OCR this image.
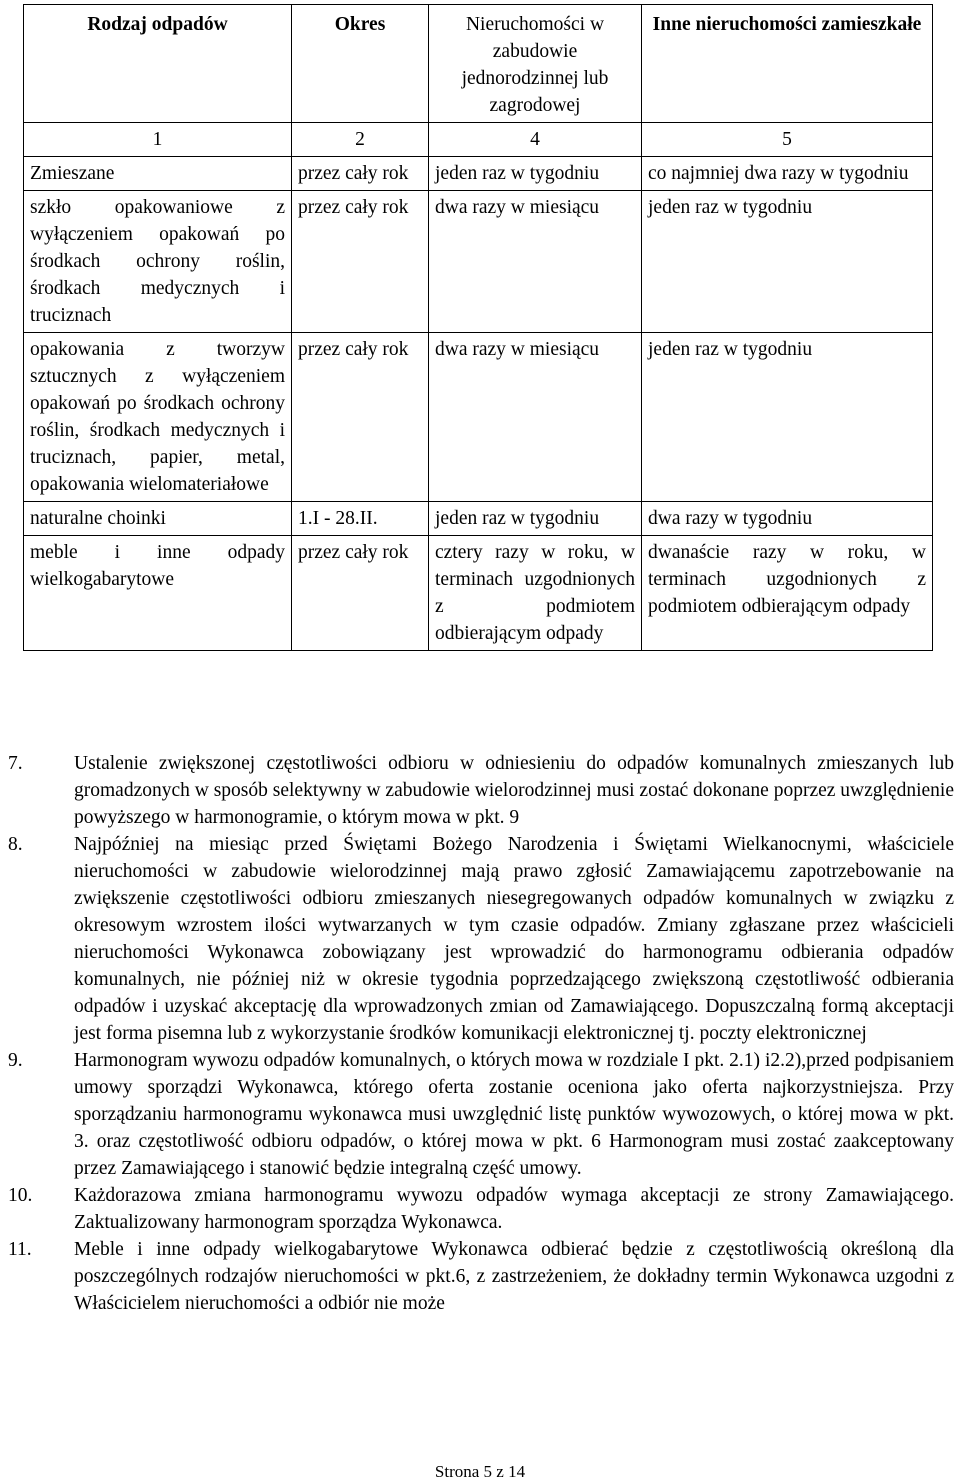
Rodzaj odpadów	Okres	Nieruchomości w zabudowie jednorodzinnej lub zagrodowej	Inne nieruchomości zamieszkałe
1	2	4	5
Zmieszane	przez cały rok	jeden raz w tygodniu	co najmniej dwa razy w tygodniu
szkło opakowaniowe z wyłączeniem opakowań po środkach ochrony roślin, środkach medycznych i truciznach	przez cały rok	dwa razy w miesiącu	jeden raz w tygodniu
opakowania z tworzyw sztucznych z wyłączeniem opakowań po środkach ochrony roślin, środkach medycznych i truciznach, papier, metal, opakowania wielomateriałowe	przez cały rok	dwa razy w miesiącu	jeden raz w tygodniu
naturalne choinki	1.I - 28.II.	jeden raz w tygodniu	dwa razy w tygodniu
meble i inne odpady wielkogabarytowe	przez cały rok	cztery razy w roku, w terminach uzgodnionych z podmiotem odbierającym odpady	dwanaście razy w roku, w terminach uzgodnionych z podmiotem odbierającym odpady
7.	Ustalenie zwiększonej częstotliwości odbioru w odniesieniu do odpadów komunalnych zmieszanych lub gromadzonych w sposób selektywny w zabudowie wielorodzinnej musi zostać dokonane poprzez uwzględnienie powyższego w harmonogramie, o którym mowa w pkt. 9
8.	Najpóźniej na miesiąc przed Świętami Bożego Narodzenia i Świętami Wielkanocnymi, właściciele nieruchomości w zabudowie wielorodzinnej mają prawo zgłosić Zamawiającemu zapotrzebowanie na zwiększenie częstotliwości odbioru zmieszanych niesegregowanych odpadów komunalnych w związku z okresowym wzrostem ilości wytwarzanych w tym czasie odpadów. Zmiany zgłaszane przez właścicieli nieruchomości Wykonawca zobowiązany jest wprowadzić do harmonogramu odbierania odpadów komunalnych, nie później niż w okresie tygodnia poprzedzającego zwiększoną częstotliwość odbierania odpadów i uzyskać akceptację dla wprowadzonych zmian od Zamawiającego. Dopuszczalną formą akceptacji jest forma pisemna lub z wykorzystanie środków komunikacji elektronicznej tj. poczty elektronicznej
9.	Harmonogram wywozu odpadów komunalnych, o których mowa w rozdziale I pkt. 2.1) i2.2),przed podpisaniem umowy sporządzi Wykonawca, którego oferta zostanie oceniona jako oferta najkorzystniejsza. Przy sporządzaniu harmonogramu wykonawca musi uwzględnić listę punktów wywozowych, o której mowa w pkt. 3. oraz częstotliwość odbioru odpadów, o której mowa w pkt. 6 Harmonogram musi zostać zaakceptowany przez Zamawiającego i stanowić będzie integralną część umowy.
10. Każdorazowa zmiana harmonogramu wywozu odpadów wymaga akceptacji ze strony Zamawiającego. Zaktualizowany harmonogram sporządza Wykonawca.
11. Meble i inne odpady wielkogabarytowe Wykonawca odbierać będzie z częstotliwością określoną dla poszczególnych rodzajów nieruchomości w pkt.6, z zastrzeżeniem, że dokładny termin Wykonawca uzgodni z Właścicielem nieruchomości a odbiór nie może
Strona 5 z 14
